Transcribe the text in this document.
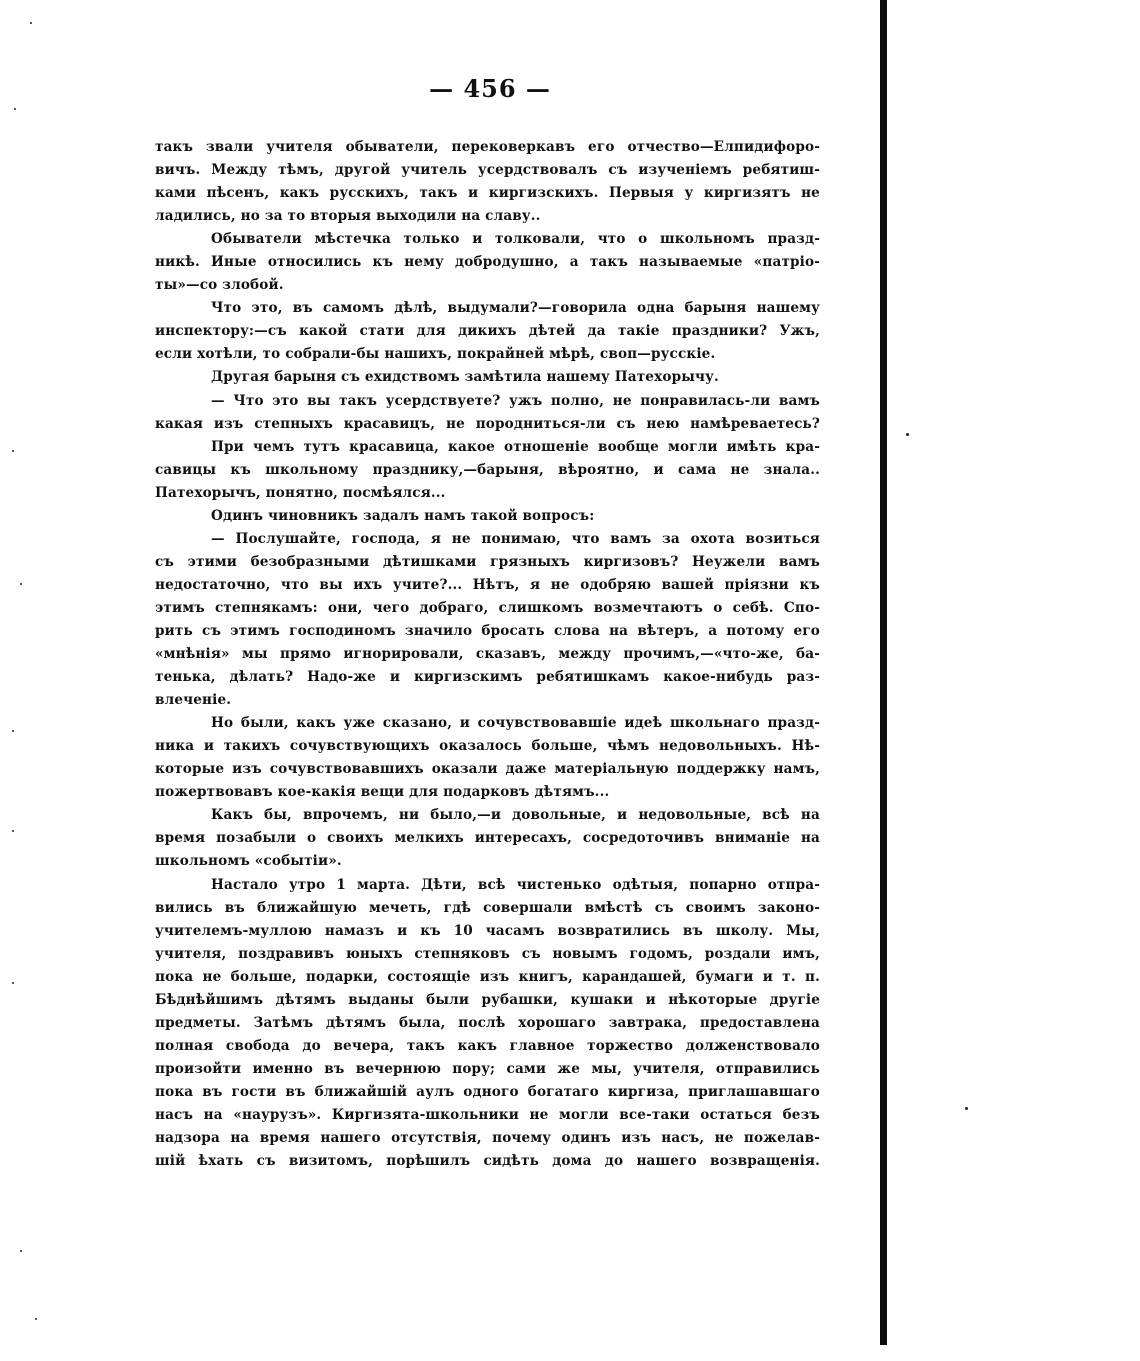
— 456 —
такъ звали учителя обыватели, перековеркавъ его отчество—Елпидифоро-
вичъ. Между тѣмъ, другой учитель усердствовалъ съ изученіемъ ребятиш-
ками пѣсенъ, какъ русскихъ, такъ и киргизскихъ. Первыя у киргизятъ не
ладились, но за то вторыя выходили на славу..
Обыватели мѣстечка только и толковали, что о школьномъ празд-
никѣ. Иные относились къ нему добродушно, а такъ называемые «патріо-
ты»—со злобой.
Что это, въ самомъ дѣлѣ, выдумали?—говорила одна барыня нашему
инспектору:—съ какой стати для дикихъ дѣтей да такіе праздники? Ужъ,
если хотѣли, то собрали-бы нашихъ, покрайней мѣрѣ, своп—русскіе.
Другая барыня съ ехидствомъ замѣтила нашему Патехорычу.
— Что это вы такъ усердствуете? ужъ полно, не понравилась-ли вамъ
какая изъ степныхъ красавицъ, не породниться-ли съ нею намѣреваетесь?
При чемъ тутъ красавица, какое отношеніе вообще могли имѣть кра-
савицы къ школьному празднику,—барыня, вѣроятно, и сама не знала..
Патехорычъ, понятно, посмѣялся...
Одинъ чиновникъ задалъ намъ такой вопросъ:
— Послушайте, господа, я не понимаю, что вамъ за охота возиться
съ этими безобразными дѣтишками грязныхъ киргизовъ? Неужели вамъ
недостаточно, что вы ихъ учите?... Нѣтъ, я не одобряю вашей пріязни къ
этимъ степнякамъ: они, чего добраго, слишкомъ возмечтаютъ о себѣ. Спо-
рить съ этимъ господиномъ значило бросать слова на вѣтеръ, а потому его
«мнѣнія» мы прямо игнорировали, сказавъ, между прочимъ,—«что-же, ба-
тенька, дѣлать? Надо-же и киргизскимъ ребятишкамъ какое-нибудь раз-
влеченіе.
Но были, какъ уже сказано, и сочувствовавшіе идеѣ школьнаго празд-
ника и такихъ сочувствующихъ оказалось больше, чѣмъ недовольныхъ. Нѣ-
которые изъ сочувствовавшихъ оказали даже матеріальную поддержку намъ,
пожертвовавъ кое-какія вещи для подарковъ дѣтямъ...
Какъ бы, впрочемъ, ни было,—и довольные, и недовольные, всѣ на
время позабыли о своихъ мелкихъ интересахъ, сосредоточивъ вниманіе на
школьномъ «событіи».
Настало утро 1 марта. Дѣти, всѣ чистенько одѣтыя, попарно отпра-
вились въ ближайшую мечеть, гдѣ совершали вмѣстѣ съ своимъ законо-
учителемъ-муллою намазъ и къ 10 часамъ возвратились въ школу. Мы,
учителя, поздравивъ юныхъ степняковъ съ новымъ годомъ, роздали имъ,
пока не больше, подарки, состоящіе изъ книгъ, карандашей, бумаги и т. п.
Бѣднѣйшимъ дѣтямъ выданы были рубашки, кушаки и нѣкоторые другіе
предметы. Затѣмъ дѣтямъ была, послѣ хорошаго завтрака, предоставлена
полная свобода до вечера, такъ какъ главное торжество долженствовало
произойти именно въ вечернюю пору; сами же мы, учителя, отправились
пока въ гости въ ближайшій аулъ одного богатаго киргиза, приглашавшаго
насъ на «наурузъ». Киргизята-школьники не могли все-таки остаться безъ
надзора на время нашего отсутствія, почему одинъ изъ насъ, не пожелав-
шій ѣхать съ визитомъ, порѣшилъ сидѣть дома до нашего возвращенія.
